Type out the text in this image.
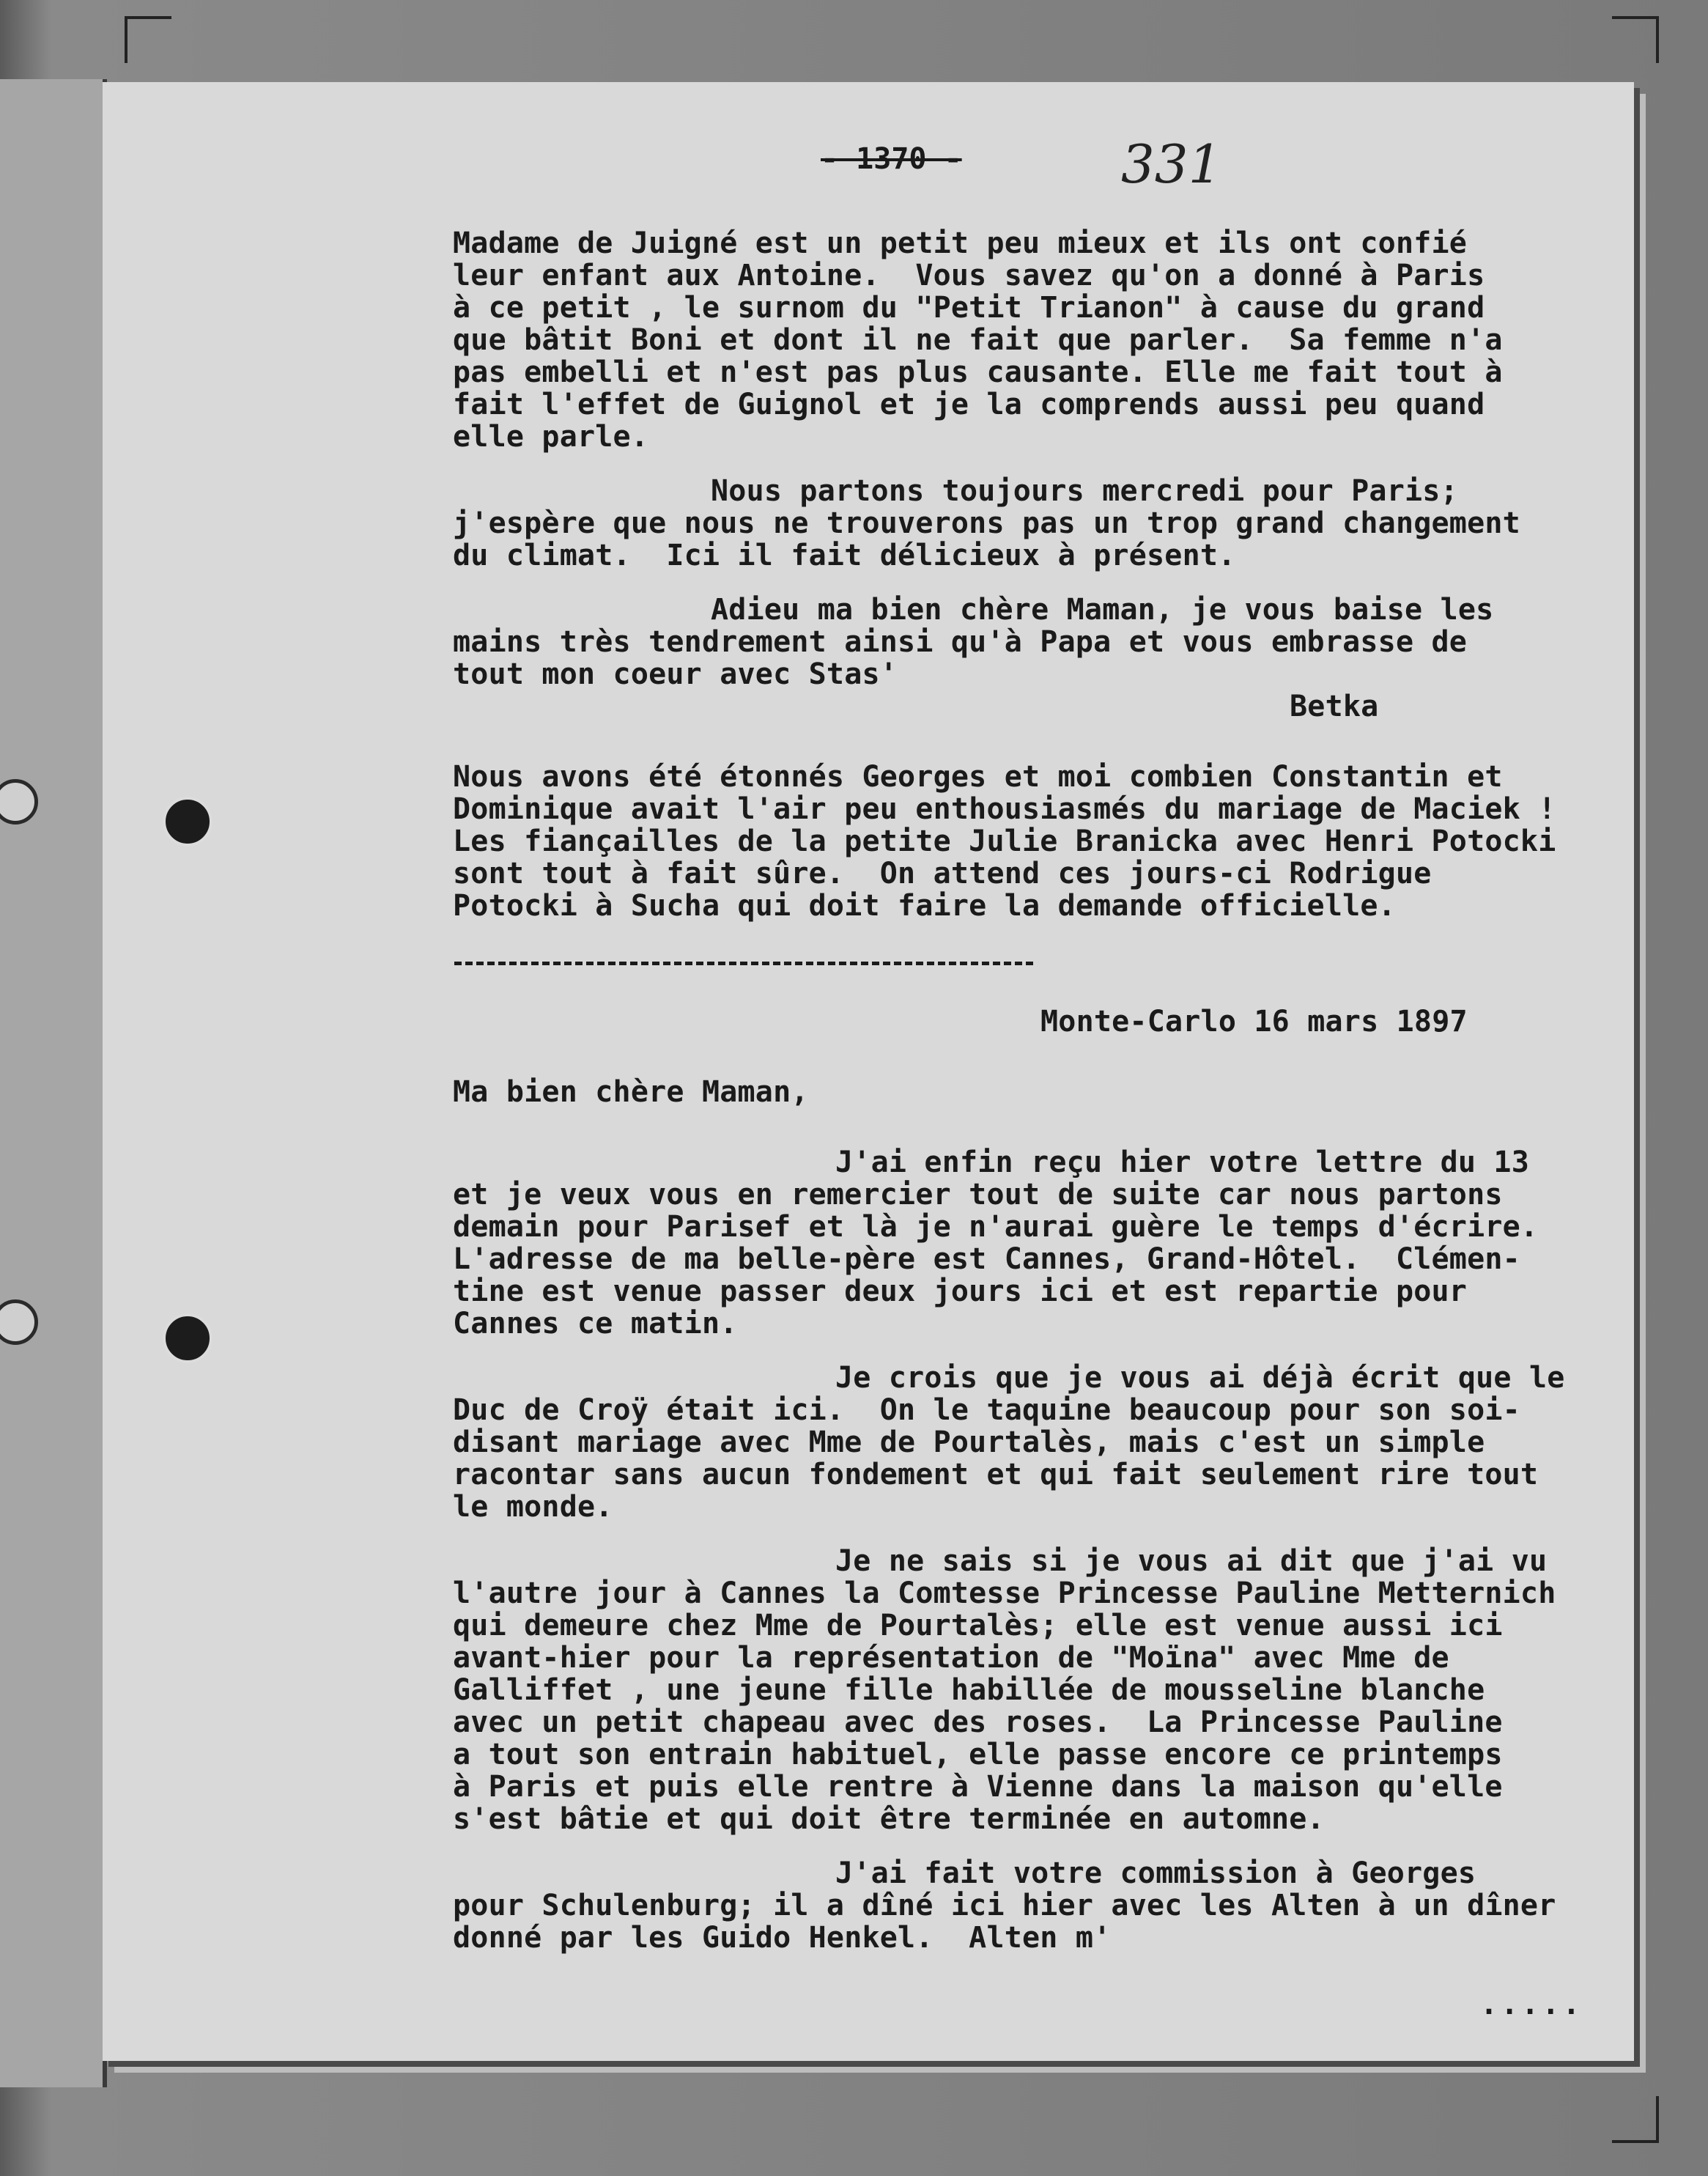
- 1370 -	331
Madame de Juigné est un petit peu mieux et ils ont confié
leur enfant aux Antoine.  Vous savez qu'on a donné à Paris
à ce petit , le surnom du "Petit Trianon" à cause du grand
que bâtit Boni et dont il ne fait que parler.  Sa femme n'a
pas embelli et n'est pas plus causante. Elle me fait tout à
fait l'effet de Guignol et je la comprends aussi peu quand
elle parle.
Nous partons toujours mercredi pour Paris;
j'espère que nous ne trouverons pas un trop grand changement
du climat.  Ici il fait délicieux à présent.
Adieu ma bien chère Maman, je vous baise les
mains très tendrement ainsi qu'à Papa et vous embrasse de
tout mon coeur avec Stas'
Betka
Nous avons été étonnés Georges et moi combien Constantin et
Dominique avait l'air peu enthousiasmés du mariage de Maciek !
Les fiançailles de la petite Julie Branicka avec Henri Potocki
sont tout à fait sûre.  On attend ces jours-ci Rodrigue
Potocki à Sucha qui doit faire la demande officielle.
Monte-Carlo 16 mars 1897
Ma bien chère Maman,
J'ai enfin reçu hier votre lettre du 13
et je veux vous en remercier tout de suite car nous partons
demain pour Parisef et là je n'aurai guère le temps d'écrire.
L'adresse de ma belle-père est Cannes, Grand-Hôtel.  Clémen-
tine est venue passer deux jours ici et est repartie pour
Cannes ce matin.
Je crois que je vous ai déjà écrit que le
Duc de Croÿ était ici.  On le taquine beaucoup pour son soi-
disant mariage avec Mme de Pourtalès, mais c'est un simple
racontar sans aucun fondement et qui fait seulement rire tout
le monde.
Je ne sais si je vous ai dit que j'ai vu
l'autre jour à Cannes la Comtesse Princesse Pauline Metternich
qui demeure chez Mme de Pourtalès; elle est venue aussi ici
avant-hier pour la représentation de "Moïna" avec Mme de
Galliffet , une jeune fille habillée de mousseline blanche
avec un petit chapeau avec des roses.  La Princesse Pauline
a tout son entrain habituel, elle passe encore ce printemps
à Paris et puis elle rentre à Vienne dans la maison qu'elle
s'est bâtie et qui doit être terminée en automne.
J'ai fait votre commission à Georges
pour Schulenburg; il a dîné ici hier avec les Alten à un dîner
donné par les Guido Henkel.  Alten m'
.....
